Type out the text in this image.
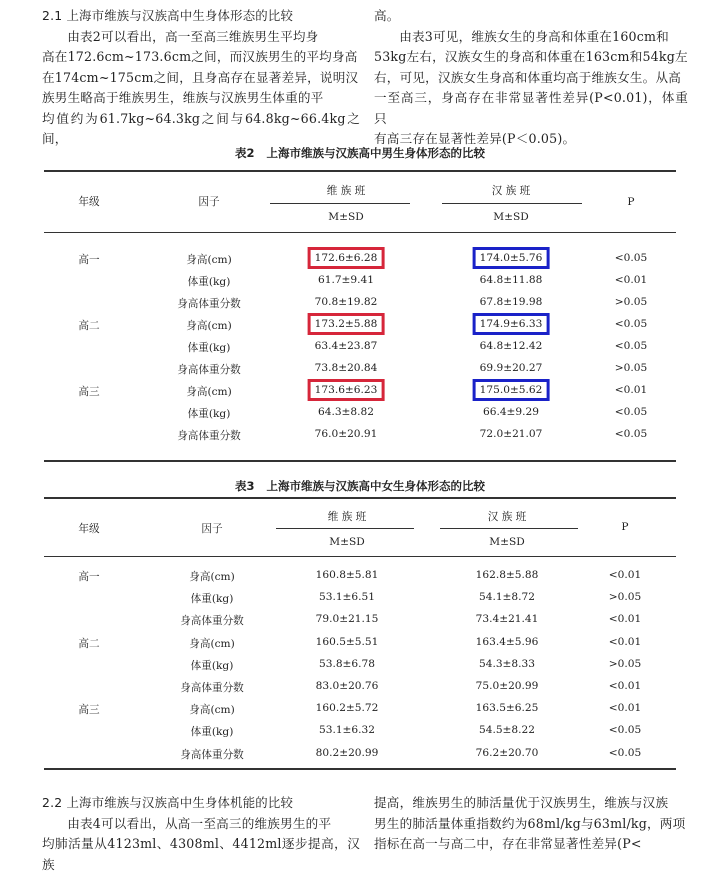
2.1 上海市维族与汉族高中生身体形态的比较

由表2可以看出，高一至高三维族男生平均身

高在172.6cm~173.6cm之间，而汉族男生的平均身高

在174cm~175cm之间，且身高存在显著差异，说明汉

族男生略高于维族男生，维族与汉族男生体重的平

均值约为61.7kg~64.3kg之间与64.8kg~66.4kg之间，

高。

由表3可见，维族女生的身高和体重在160cm和

53kg左右，汉族女生的身高和体重在163cm和54kg左

右，可见，汉族女生身高和体重均高于维族女生。从高

一至高三，身高存在非常显著性差异(P<0.01)，体重只

有高三存在显著性差异(P＜0.05)。

表2 上海市维族与汉族高中男生身体形态的比较
年级	因子
维 族 班	汉 族 班
M±SD	M±SD
P
高一	身高(cm)	172.6±6.28	174.0±5.76	<0.05
体重(kg)	61.7±9.41	64.8±11.88	<0.01
身高体重分数	70.8±19.82	67.8±19.98	>0.05
高二	身高(cm)	173.2±5.88	174.9±6.33	<0.05
体重(kg)	63.4±23.87	64.8±12.42	<0.05
身高体重分数	73.8±20.84	69.9±20.27	>0.05
高三	身高(cm)	173.6±6.23	175.0±5.62	<0.01
体重(kg)	64.3±8.82	66.4±9.29	<0.05
身高体重分数	76.0±20.91	72.0±21.07	<0.05
表3 上海市维族与汉族高中女生身体形态的比较
年级	因子
维 族 班	汉 族 班
M±SD	M±SD
P
高一	身高(cm)	160.8±5.81	162.8±5.88	<0.01
体重(kg)	53.1±6.51	54.1±8.72	>0.05
身高体重分数	79.0±21.15	73.4±21.41	<0.01
高二	身高(cm)	160.5±5.51	163.4±5.96	<0.01
体重(kg)	53.8±6.78	54.3±8.33	>0.05
身高体重分数	83.0±20.76	75.0±20.99	<0.01
高三	身高(cm)	160.2±5.72	163.5±6.25	<0.01
体重(kg)	53.1±6.32	54.5±8.22	<0.05
身高体重分数	80.2±20.99	76.2±20.70	<0.05

2.2 上海市维族与汉族高中生身体机能的比较

由表4可以看出，从高一至高三的维族男生的平

均肺活量从4123ml、4308ml、4412ml逐步提高，汉族

提高，维族男生的肺活量优于汉族男生，维族与汉族

男生的肺活量体重指数约为68ml/kg与63ml/kg，两项

指标在高一与高二中，存在非常显著性差异(P<
